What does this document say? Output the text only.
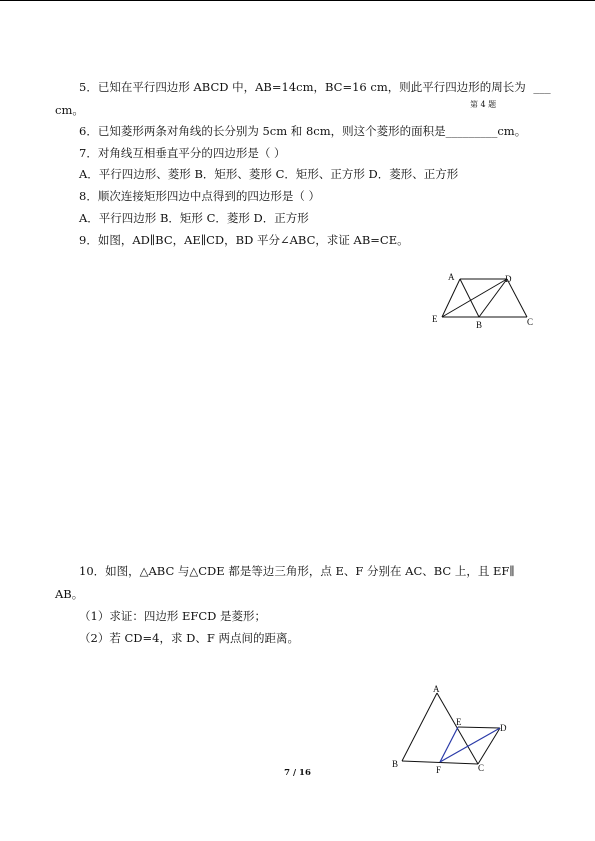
5．已知在平行四边形 ABCD 中，AB=14cm，BC=16 cm，则此平行四边形的周长为 ___
cm。	第 4 题
6．已知菱形两条对角线的长分别为 5cm 和 8cm，则这个菱形的面积是_________cm。
7．对角线互相垂直平分的四边形是（ ）
A．平行四边形、菱形 B．矩形、菱形 C．矩形、正方形 D．菱形、正方形
8．顺次连接矩形四边中点得到的四边形是（ ）
A．平行四边形 B．矩形 C．菱形 D．正方形
9．如图，AD∥BC，AE∥CD，BD 平分∠ABC，求证 AB=CE。
A	D
E
B	C
10．如图，△ABC 与△CDE 都是等边三角形，点 E、F 分别在 AC、BC 上，且 EF∥
AB。
（1）求证：四边形 EFCD 是菱形；
（2）若 CD=4，求 D、F 两点间的距离。
A
E
D
B
F	C
7 / 16
